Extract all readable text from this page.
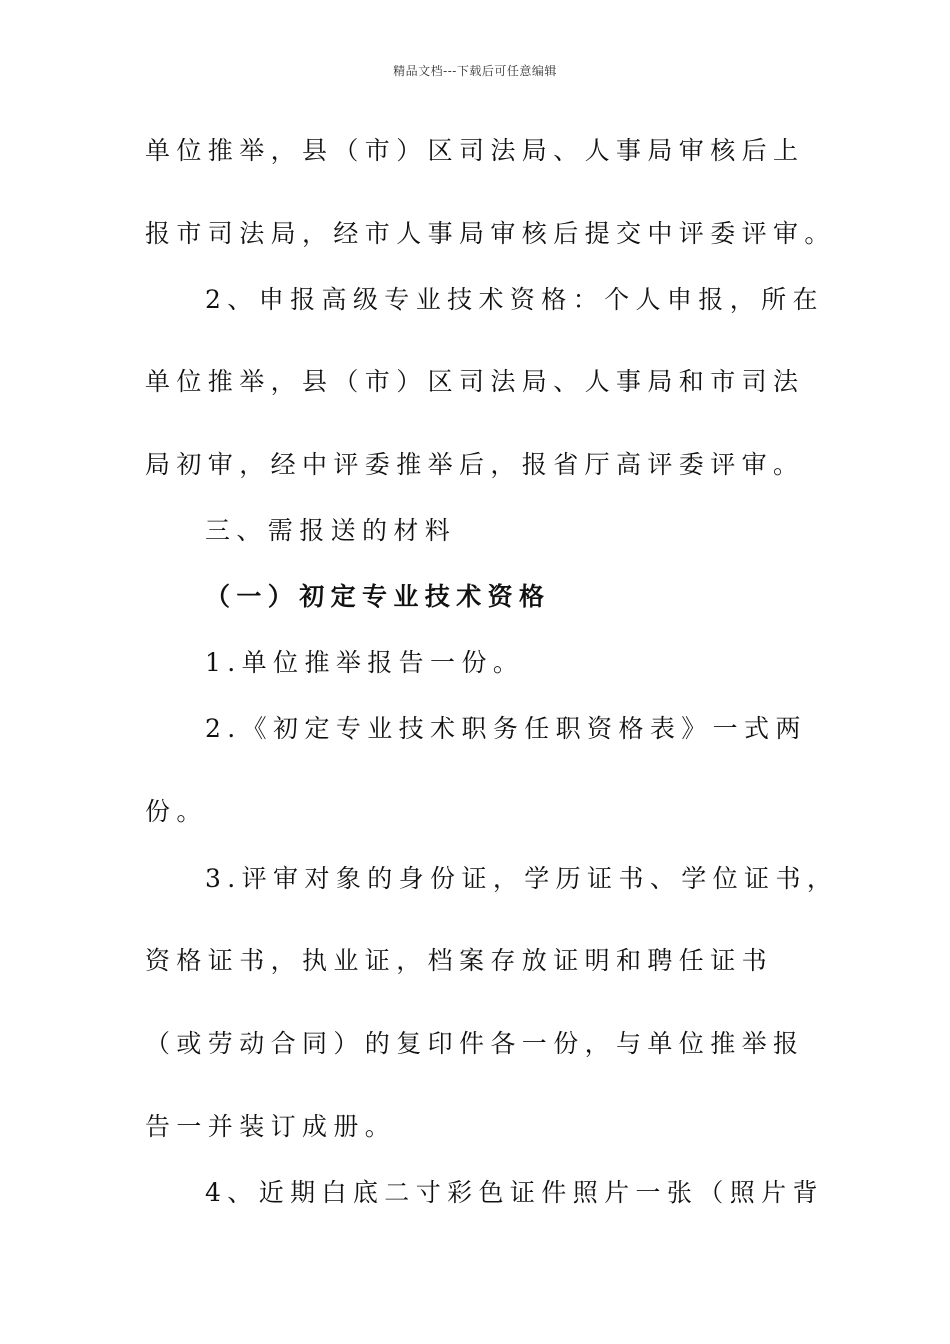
精品文档---下载后可任意编辑
单位推举，县（市）区司法局、人事局审核后上
报市司法局，经市人事局审核后提交中评委评审。
2、申报高级专业技术资格：个人申报，所在
单位推举，县（市）区司法局、人事局和市司法
局初审，经中评委推举后，报省厅高评委评审。
三、需报送的材料
（一）初定专业技术资格
1.单位推举报告一份。
2.《初定专业技术职务任职资格表》一式两
份。
3.评审对象的身份证，学历证书、学位证书，
资格证书，执业证，档案存放证明和聘任证书
（或劳动合同）的复印件各一份，与单位推举报
告一并装订成册。
4、近期白底二寸彩色证件照片一张（照片背
